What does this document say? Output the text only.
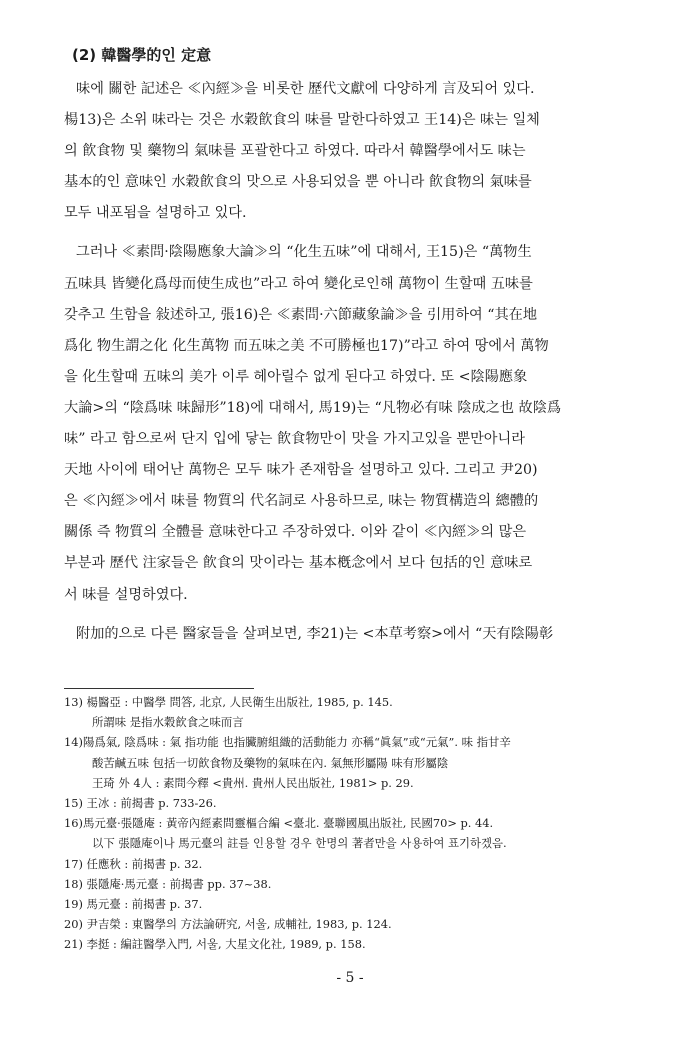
(2) 韓醫學的인 定意
味에 關한 記述은 ≪內經≫을 비롯한 歷代文獻에 다양하게 言及되어 있다.
楊13)은 소위 味라는 것은 水穀飮食의 味를 말한다하였고 王14)은 味는 일체
의 飮食物 및 藥物의 氣味를 포괄한다고 하였다. 따라서 韓醫學에서도 味는
基本的인 意味인 水穀飮食의 맛으로 사용되었을 뿐 아니라 飮食物의 氣味를
모두 내포됨을 설명하고 있다.
그러나 ≪素問·陰陽應象大論≫의 “化生五味”에 대해서, 王15)은 “萬物生
五味具 皆變化爲母而使生成也”라고 하여 變化로인해 萬物이 生할때 五味를
갖추고 生함을 敍述하고, 張16)은 ≪素問·六節藏象論≫을 引用하여 “其在地
爲化 物生謂之化 化生萬物 而五味之美 不可勝極也17)”라고 하여 땅에서 萬物
을 化生할때 五味의 美가 이루 헤아릴수 없게 된다고 하였다. 또 <陰陽應象
大論>의 “陰爲味 味歸形”18)에 대해서, 馬19)는 “凡物必有味 陰成之也 故陰爲
味” 라고 함으로써 단지 입에 닿는 飮食物만이 맛을 가지고있을 뿐만아니라
天地 사이에 태어난 萬物은 모두 味가 존재함을 설명하고 있다. 그리고 尹20)
은 ≪內經≫에서 味를 物質의 代名詞로 사용하므로, 味는 物質構造의 總體的
關係 즉 物質의 全體를 意味한다고 주장하였다. 이와 같이 ≪內經≫의 많은
부분과 歷代 注家들은 飮食의 맛이라는 基本槪念에서 보다 包括的인 意味로
서 味를 설명하였다.
附加的으로 다른 醫家들을 살펴보면, 李21)는 <本草考察>에서 “天有陰陽彰
13) 楊醫亞 : 中醫學 問答, 北京, 人民衛生出版社, 1985, p. 145.
所謂味 是指水穀飮食之味而言
14)陽爲氣, 陰爲味 : 氣 指功能 也指臟腑組織的活動能力 亦稱“眞氣”或“元氣”. 味 指甘辛
酸苦鹹五味 包括一切飮食物及藥物的氣味在內. 氣無形屬陽 味有形屬陰
王琦 外 4人 : 素問今釋 <貴州. 貴州人民出版社, 1981> p. 29.
15) 王冰 : 前揭書 p. 733-26.
16)馬元臺·張隱庵 : 黃帝內經素問靈樞合編 <臺北. 臺聯國風出版社, 民國70> p. 44.
以下 張隱庵이나 馬元臺의 註를 인용할 경우 한명의 著者만을 사용하여 표기하겠음.
17) 任應秋 : 前揭書 p. 32.
18) 張隱庵·馬元臺 : 前揭書 pp. 37~38.
19) 馬元臺 : 前揭書 p. 37.
20) 尹吉榮 : 東醫學의 方法論硏究, 서울, 成輔社, 1983, p. 124.
21) 李挺 : 編註醫學入門, 서울, 大星文化社, 1989, p. 158.
- 5 -
